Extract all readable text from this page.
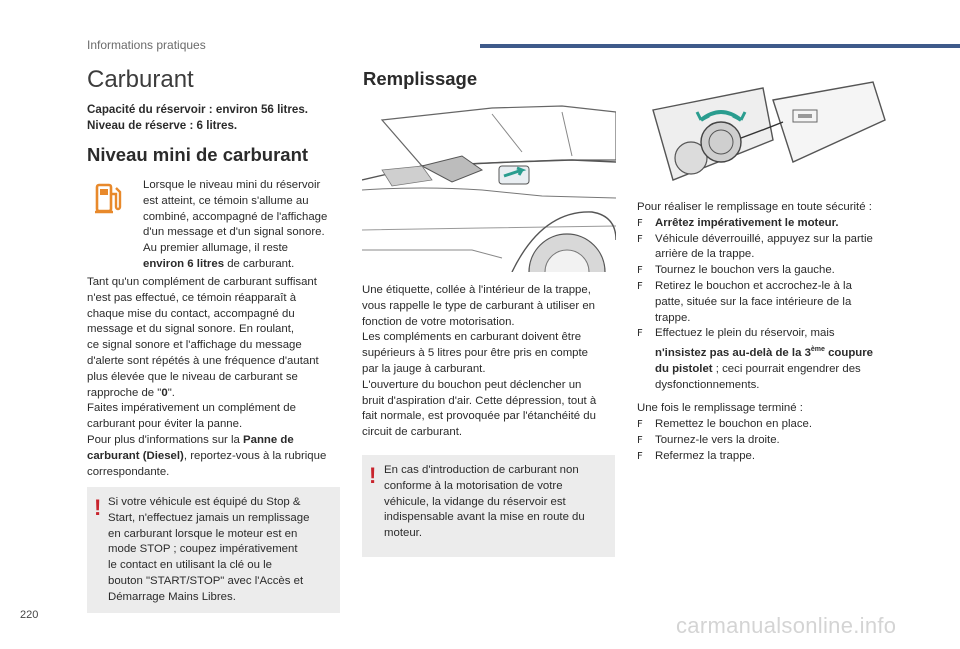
Informations pratiques
Carburant
Capacité du réservoir : environ 56 litres.
Niveau de réserve : 6 litres.
Niveau mini de carburant
Lorsque le niveau mini du réservoir
est atteint, ce témoin s'allume au
combiné, accompagné de l'affichage
d'un message et d'un signal sonore.
Au premier allumage, il reste
environ 6 litres de carburant.
Tant qu'un complément de carburant suffisant
n'est pas effectué, ce témoin réapparaît à
chaque mise du contact, accompagné du
message et du signal sonore. En roulant,
ce signal sonore et l'affichage du message
d'alerte sont répétés à une fréquence d'autant
plus élevée que le niveau de carburant se
rapproche de "0".
Faites impérativement un complément de
carburant pour éviter la panne.
Pour plus d'informations sur la Panne de
carburant (Diesel), reportez-vous à la rubrique
correspondante.
! Si votre véhicule est équipé du Stop &
Start, n'effectuez jamais un remplissage
en carburant lorsque le moteur est en
mode STOP ; coupez impérativement
le contact en utilisant la clé ou le
bouton "START/STOP" avec l'Accès et
Démarrage Mains Libres.
Remplissage
Une étiquette, collée à l'intérieur de la trappe,
vous rappelle le type de carburant à utiliser en
fonction de votre motorisation.
Les compléments en carburant doivent être
supérieurs à 5 litres pour être pris en compte
par la jauge à carburant.
L'ouverture du bouchon peut déclencher un
bruit d'aspiration d'air. Cette dépression, tout à
fait normale, est provoquée par l'étanchéité du
circuit de carburant.
! En cas d'introduction de carburant non
conforme à la motorisation de votre
véhicule, la vidange du réservoir est
indispensable avant la mise en route du
moteur.
Pour réaliser le remplissage en toute sécurité :
F Arrêtez impérativement le moteur.
F Véhicule déverrouillé, appuyez sur la partie
arrière de la trappe.
F Tournez le bouchon vers la gauche.
F Retirez le bouchon et accrochez-le à la
patte, située sur la face intérieure de la
trappe.
F Effectuez le plein du réservoir, mais
n'insistez pas au-delà de la 3ème coupure
du pistolet ; ceci pourrait engendrer des
dysfonctionnements.
Une fois le remplissage terminé :
F Remettez le bouchon en place.
F Tournez-le vers la droite.
F Refermez la trappe.
220	carmanualsonline.info
